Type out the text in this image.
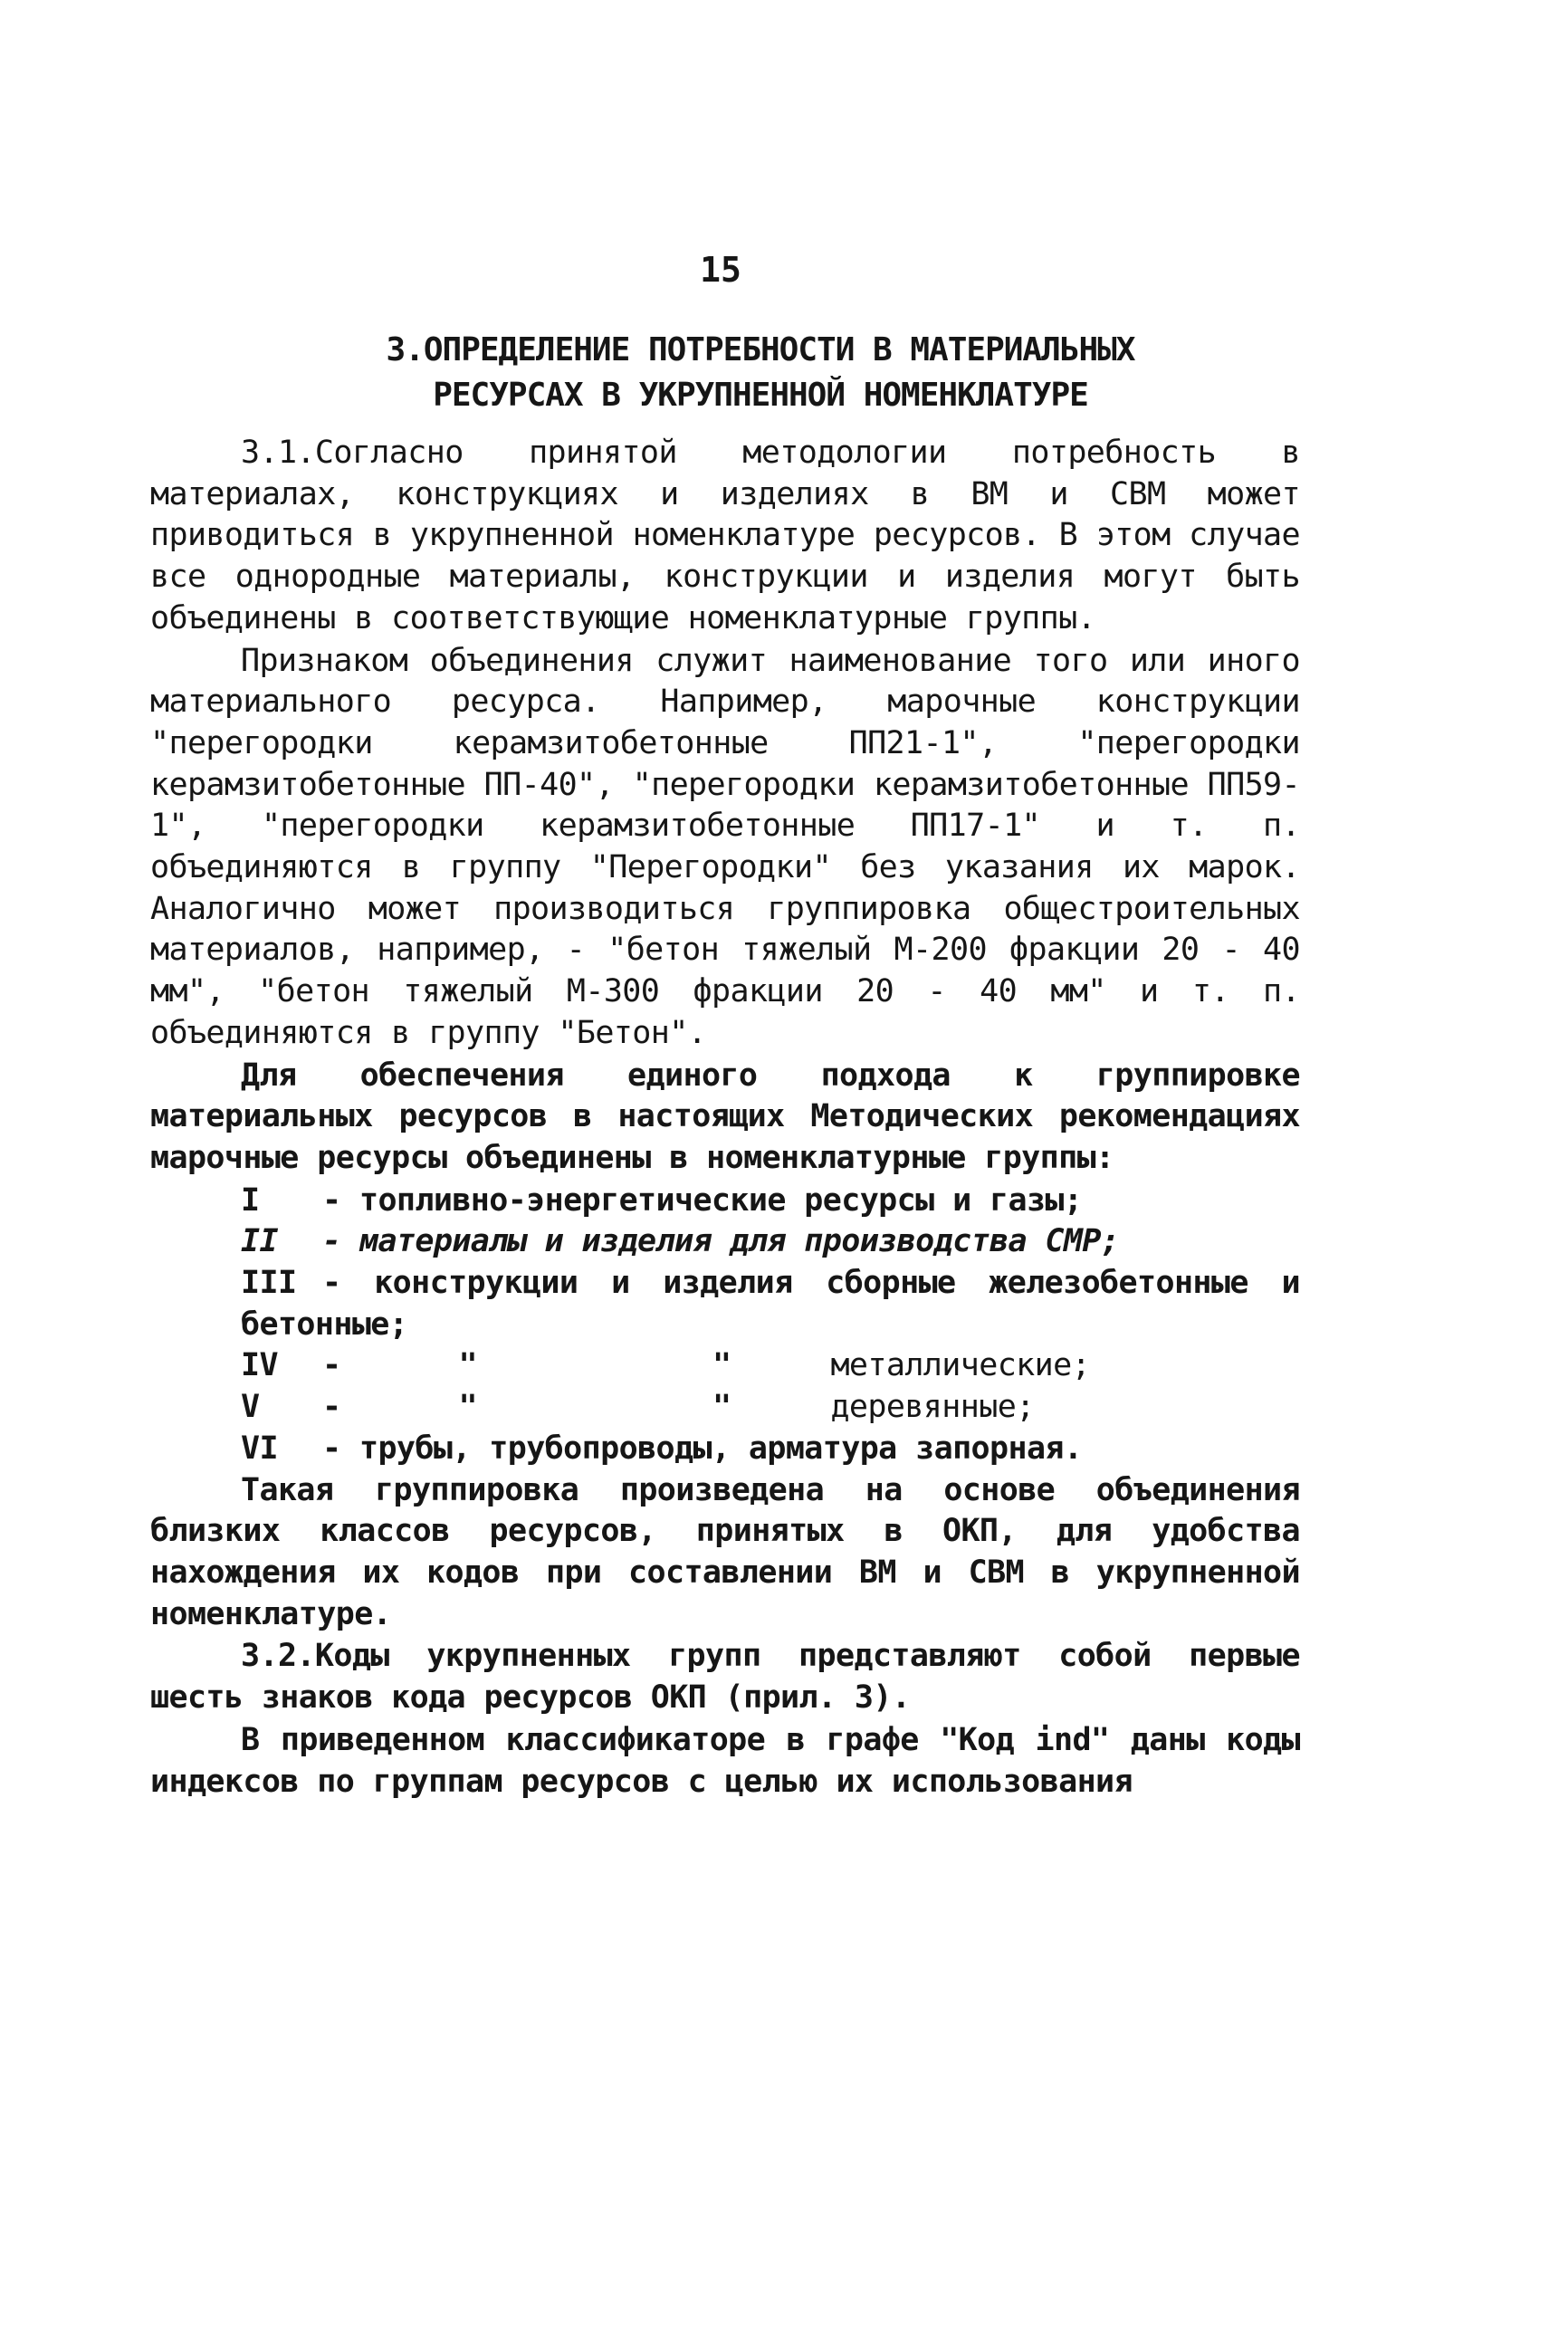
15
3.ОПРЕДЕЛЕНИЕ ПОТРЕБНОСТИ В МАТЕРИАЛЬНЫХ
РЕСУРСАХ В УКРУПНЕННОЙ НОМЕНКЛАТУРЕ

3.1.Согласно принятой методологии потребность в материалах, конструкциях и изделиях в ВМ и СВМ может приводиться в укрупненной номенклатуре ресурсов. В этом случае все однородные материалы, конструкции и изделия могут быть объединены в соответствующие номенклатурные группы.

Признаком объединения служит наименование того или иного материального ресурса. Например, марочные конструкции "перегородки керамзитобетонные ПП21-1", "перегородки керамзитобетонные ПП-40", "перегородки керамзитобетонные ПП59-1", "перегородки керамзитобетонные ПП17-1" и т. п. объединяются в группу "Перегородки" без указания их марок. Аналогично может производиться группировка общестроительных материалов, например, - "бетон тяжелый М-200 фракции 20 - 40 мм", "бетон тяжелый М-300 фракции 20 - 40 мм" и т. п. объединяются в группу "Бетон".

Для обеспечения единого подхода к группировке материальных ресурсов в настоящих Методических рекомендациях марочные ресурсы объединены в номенклатурные группы:

I - топливно-энергетические ресурсы и газы;
II - материалы и изделия для производства СМР;
III - конструкции и изделия сборные железобетонные и бетонные;
IV -	"	"	металлические;
V -	"	"	деревянные;
VI - трубы, трубопроводы, арматура запорная.

Такая группировка произведена на основе объединения близких классов ресурсов, принятых в ОКП, для удобства нахождения их кодов при составлении ВМ и СВМ в укрупненной номенклатуре.

3.2.Коды укрупненных групп представляют собой первые шесть знаков кода ресурсов ОКП (прил. 3).

В приведенном классификаторе в графе "Код ind" даны коды индексов по группам ресурсов с целью их использования
